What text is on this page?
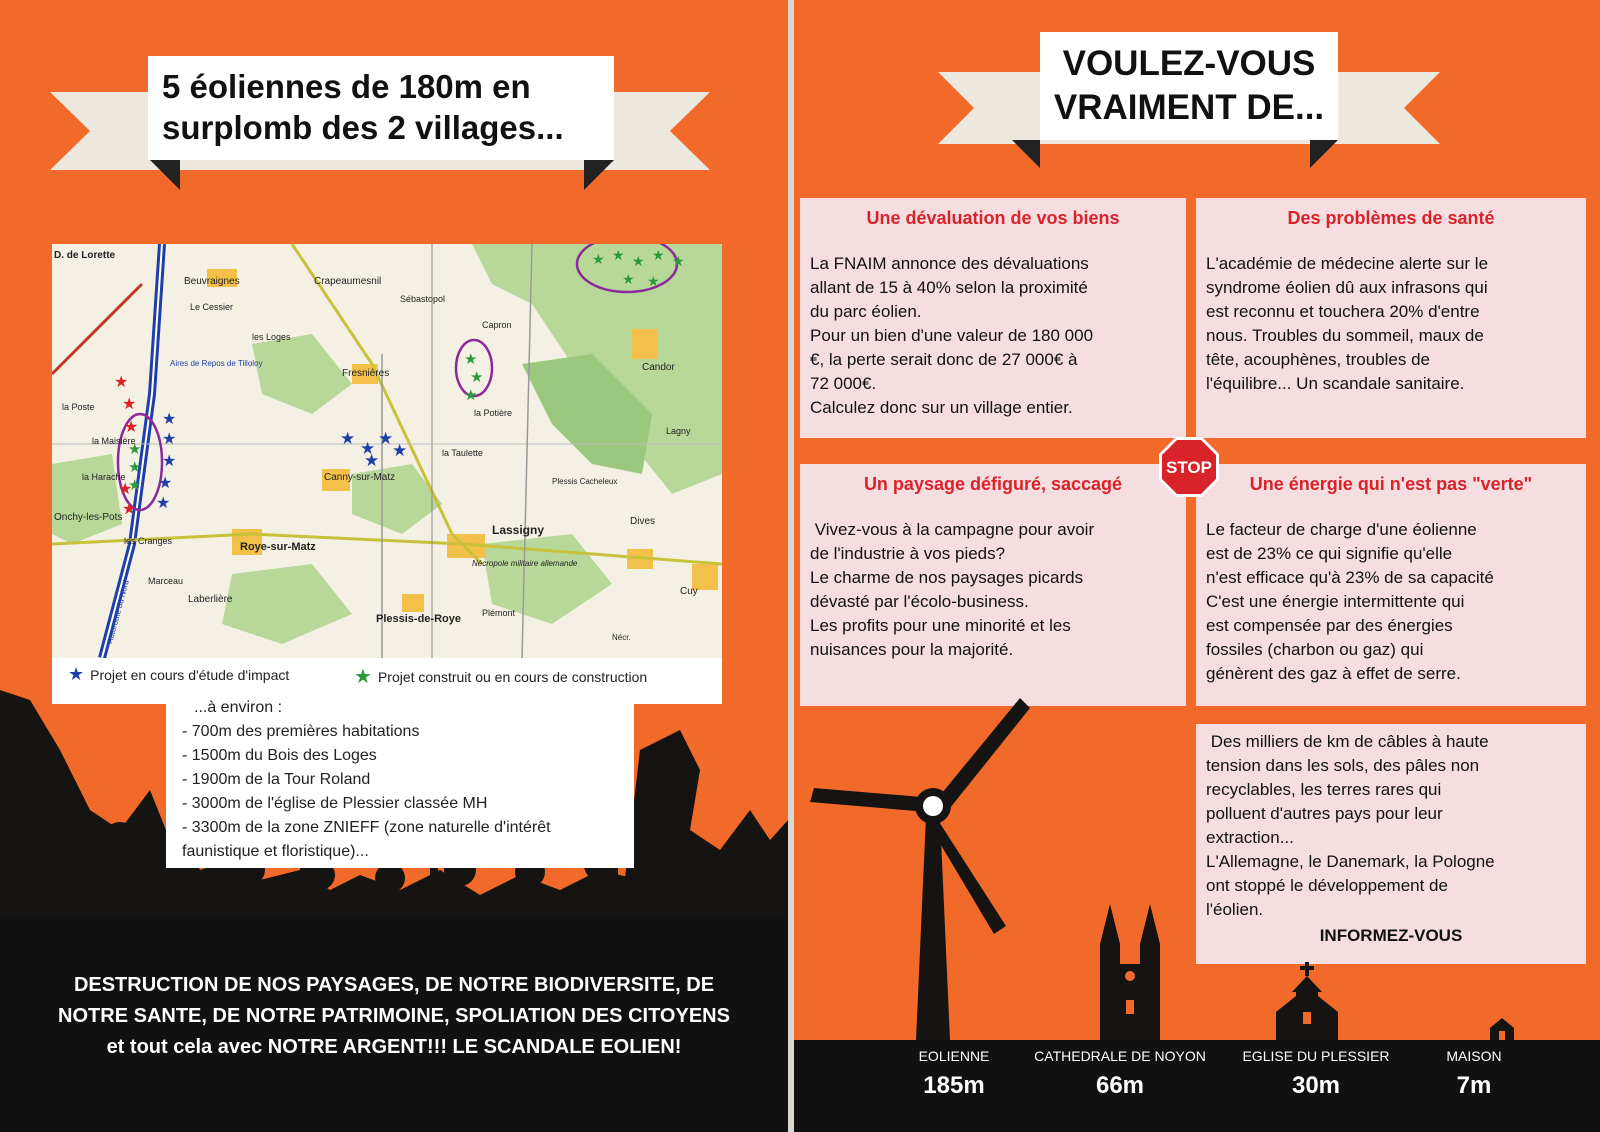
5 éoliennes de 180m en
surplomb des 2 villages...
★
★
★
★
★
★
★
★
★
★
★
★ ★ ★ ★ ★
★ ★
★
★
★
★
★
★
★
★
★
★
D. de Lorette
Beuvraignes
Le Cessier
Crapeaumesnil
Sébastopol
les Loges
Aires de Repos de Tilloloy
Fresnières
Capron
Candor
la Poste
la Maisière
la Harache
Onchy-les-Pots
la Potière
la Taulette
Lagny
Canny-sur-Matz	Plessis Cacheleux
Lassigny
Dives
les Cranges	Roye-sur-Matz
Marceau
Laberlière
Nécropole militaire allemande
Plessis-de-Roye
Cuy
Autoroute du Nord	Plémont
Nécr.
★ Projet en cours d'étude d'impact	★ Projet construit ou en cours de construction
...à environ :
- 700m des premières habitations
- 1500m du Bois des Loges
- 1900m de la Tour Roland
- 3000m de l'église de Plessier classée MH
- 3300m de la zone ZNIEFF (zone naturelle d'intérêt
faunistique et floristique)...
DESTRUCTION DE NOS PAYSAGES, DE NOTRE BIODIVERSITE, DE
NOTRE SANTE, DE NOTRE PATRIMOINE, SPOLIATION DES CITOYENS
et tout cela avec NOTRE ARGENT!!! LE SCANDALE EOLIEN!
VOULEZ-VOUS
VRAIMENT DE...
Une dévaluation de vos biens

La FNAIM annonce des dévaluations

allant de 15 à 40% selon la proximité

du parc éolien.

Pour un bien d'une valeur de 180 000

€, la perte serait donc de 27 000€ à

72 000€.

Calculez donc sur un village entier.

Des problèmes de santé

L'académie de médecine alerte sur le

syndrome éolien dû aux infrasons qui

est reconnu et touchera 20% d'entre

nous. Troubles du sommeil, maux de

tête, acouphènes, troubles de

l'équilibre... Un scandale sanitaire.

Un paysage défiguré, saccagé

Vivez-vous à la campagne pour avoir

de l'industrie à vos pieds?

Le charme de nos paysages picards

dévasté par l'écolo-business.

Les profits pour une minorité et les

nuisances pour la majorité.

Une énergie qui n'est pas "verte"

Le facteur de charge d'une éolienne

est de 23% ce qui signifie qu'elle

n'est efficace qu'à 23% de sa capacité

C'est une énergie intermittente qui

est compensée par des énergies

fossiles (charbon ou gaz) qui

génèrent des gaz à effet de serre.

STOP

Des milliers de km de câbles à haute

tension dans les sols, des pâles non

recyclables, les terres rares qui

polluent d'autres pays pour leur

extraction...

L'Allemagne, le Danemark, la Pologne

ont stoppé le développement de

l'éolien.

INFORMEZ-VOUS

EOLIENNE
185m
CATHEDRALE DE NOYON
66m
EGLISE DU PLESSIER
30m
MAISON
7m
